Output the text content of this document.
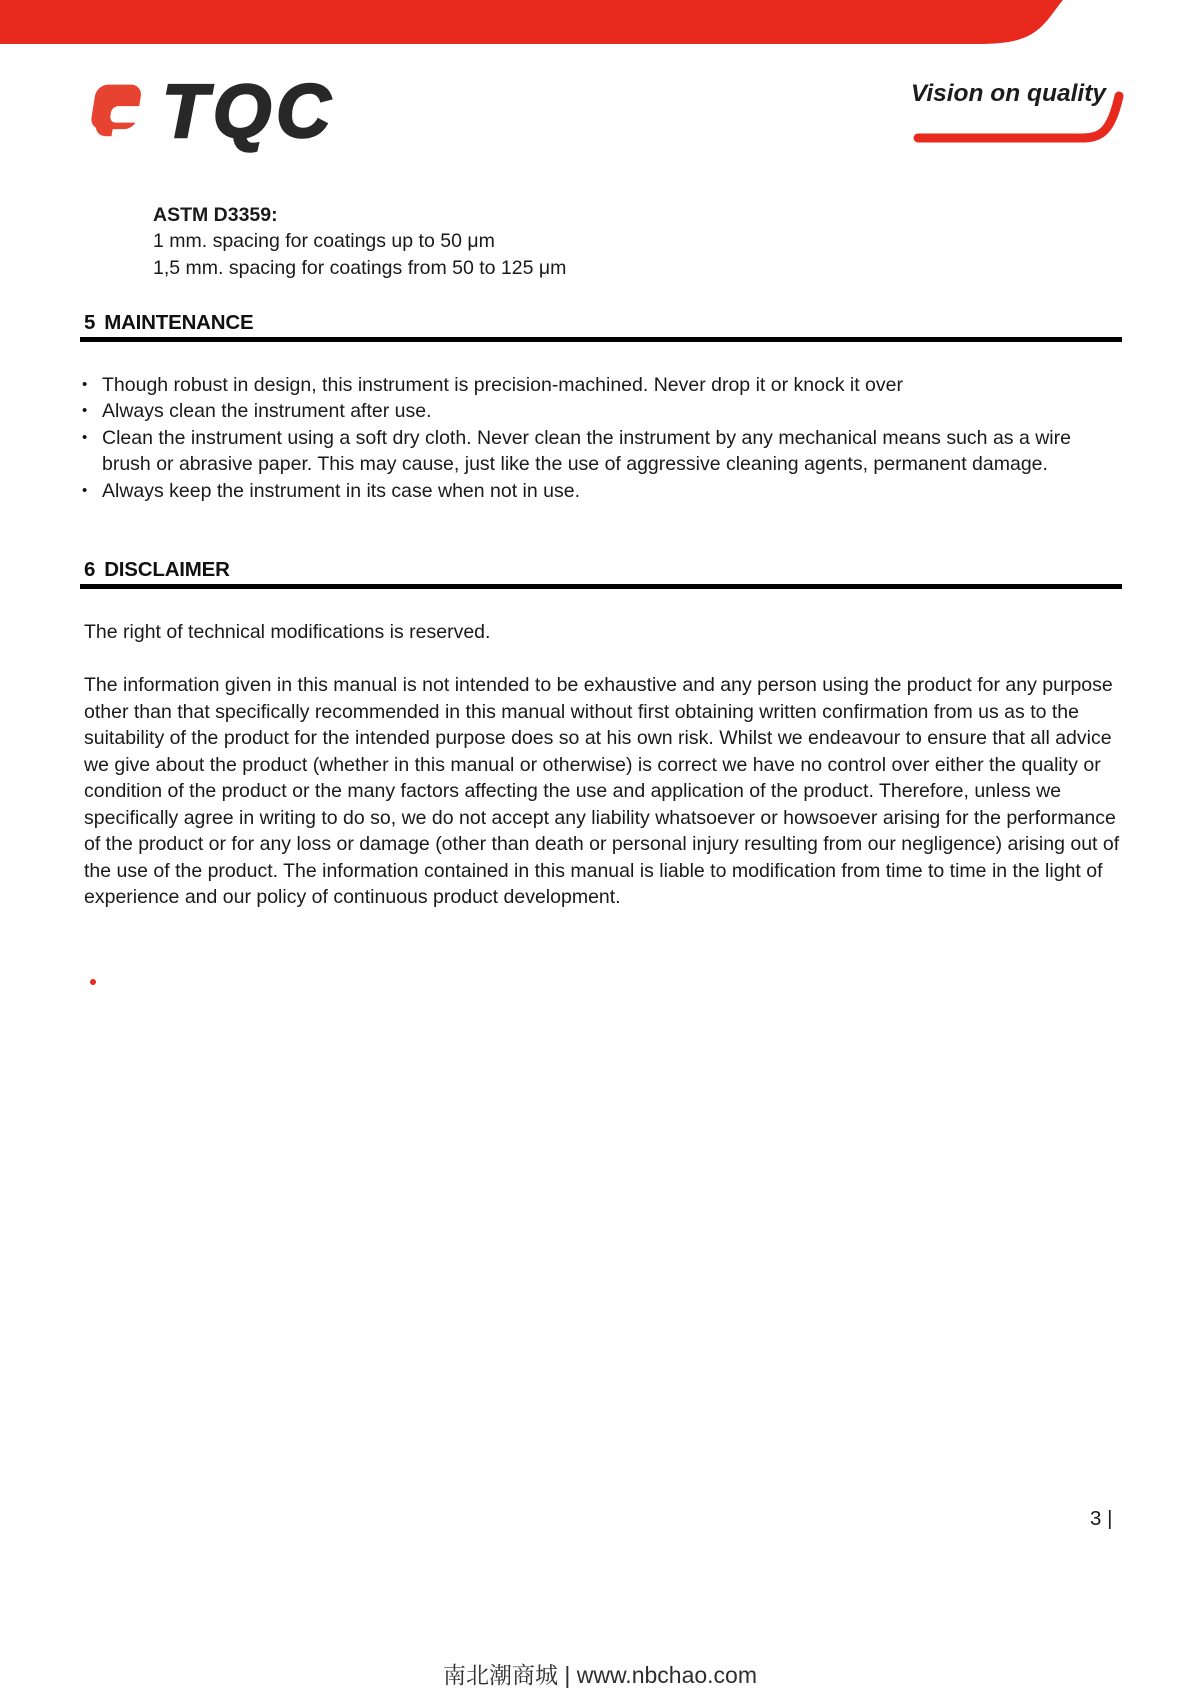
TQC	Vision on quality
ASTM D3359:
1 mm. spacing for coatings up to 50 μm
1,5 mm. spacing for coatings from 50 to 125 μm
5 MAINTENANCE
• Though robust in design, this instrument is precision-machined. Never drop it or knock it over
• Always clean the instrument after use.
• Clean the instrument using a soft dry cloth. Never clean the instrument by any mechanical means such as a wire brush or abrasive paper. This may cause, just like the use of aggressive cleaning agents, permanent damage.
• Always keep the instrument in its case when not in use.
6 DISCLAIMER
The right of technical modifications is reserved.
The information given in this manual is not intended to be exhaustive and any person using the product for any purpose other than that specifically recommended in this manual without first obtaining written confirmation from us as to the suitability of the product for the intended purpose does so at his own risk. Whilst we endeavour to ensure that all advice we give about the product (whether in this manual or otherwise) is correct we have no control over either the quality or condition of the product or the many factors affecting the use and application of the product. Therefore, unless we specifically agree in writing to do so, we do not accept any liability whatsoever or howsoever arising for the performance of the product or for any loss or damage (other than death or personal injury resulting from our negligence) arising out of the use of the product. The information contained in this manual is liable to modification from time to time in the light of experience and our policy of continuous product development.
3 |
南北潮商城 | www.nbchao.com
